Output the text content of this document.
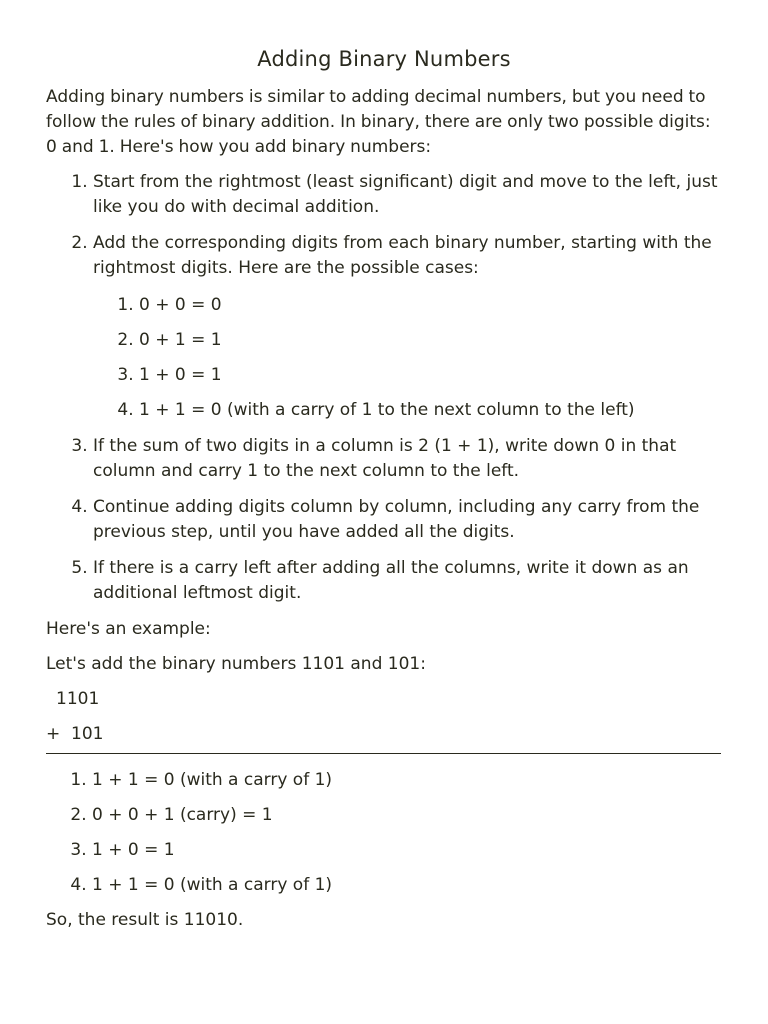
Adding Binary Numbers

Adding binary numbers is similar to adding decimal numbers, but you need to follow the rules of binary addition. In binary, there are only two possible digits: 0 and 1. Here's how you add binary numbers:

1. Start from the rightmost (least significant) digit and move to the left, just like you do with decimal addition.
2. Add the corresponding digits from each binary number, starting with the rightmost digits. Here are the possible cases:
1. 0 + 0 = 0
2. 0 + 1 = 1
3. 1 + 0 = 1
4. 1 + 1 = 0 (with a carry of 1 to the next column to the left)
3. If the sum of two digits in a column is 2 (1 + 1), write down 0 in that column and carry 1 to the next column to the left.
4. Continue adding digits column by column, including any carry from the previous step, until you have added all the digits.
5. If there is a carry left after adding all the columns, write it down as an additional leftmost digit.

Here's an example:

Let's add the binary numbers 1101 and 101:

1101
+  101
1. 1 + 1 = 0 (with a carry of 1)
2. 0 + 0 + 1 (carry) = 1
3. 1 + 0 = 1
4. 1 + 1 = 0 (with a carry of 1)

So, the result is 11010.
